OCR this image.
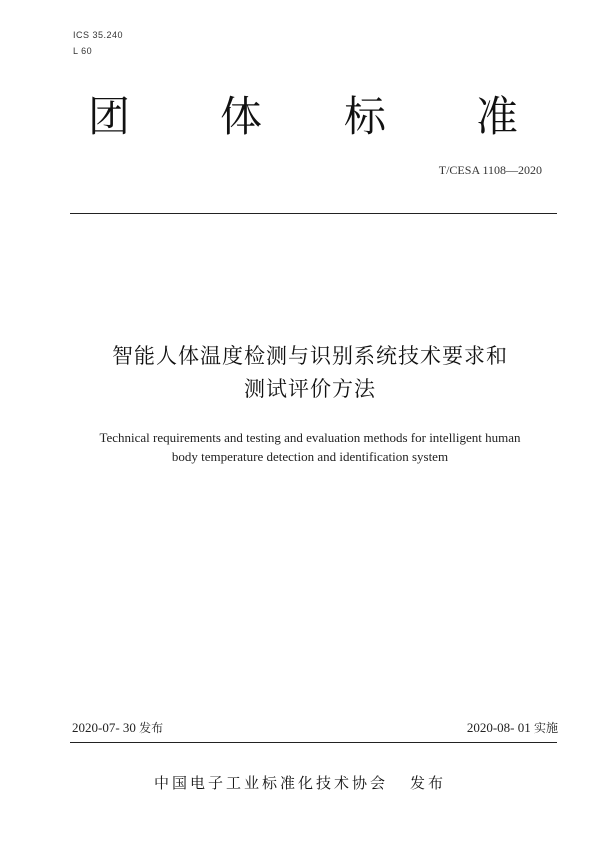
ICS 35.240
L 60
团 体 标 准
T/CESA 1108—2020
智能人体温度检测与识别系统技术要求和
测试评价方法
Technical requirements and testing and evaluation methods for intelligent human
body temperature detection and identification system
2020-07- 30 发布	2020-08- 01 实施
中国电子工业标准化技术协会 发布
